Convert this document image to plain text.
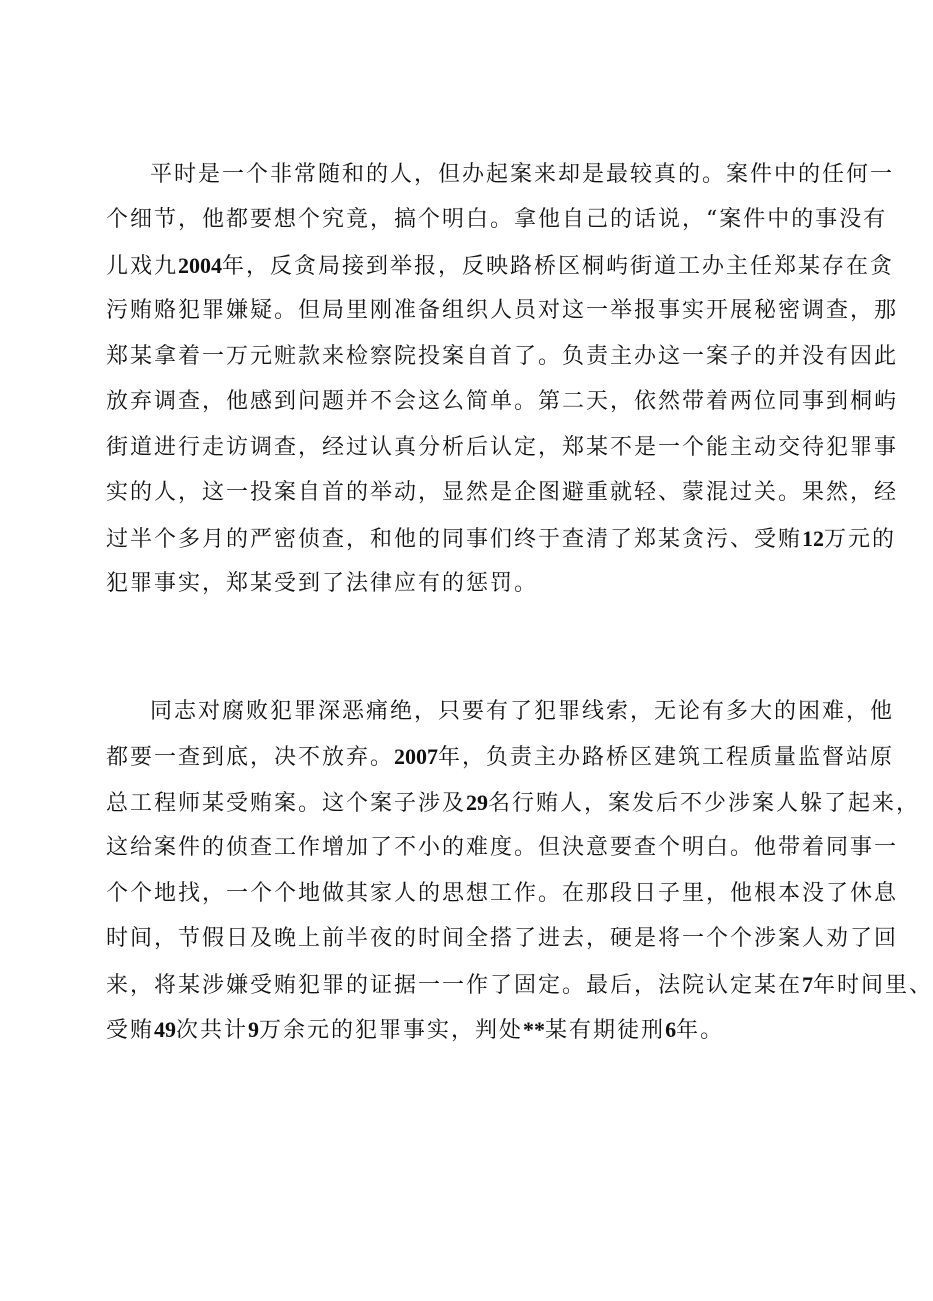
平时是一个非常随和的人，但办起案来却是最较真的。案件中的任何一
个细节，他都要想个究竟，搞个明白。拿他自己的话说，“案件中的事没有
儿戏九2004年，反贪局接到举报，反映路桥区桐屿街道工办主任郑某存在贪
污贿赂犯罪嫌疑。但局里刚准备组织人员对这一举报事实开展秘密调查，那
郑某拿着一万元赃款来检察院投案自首了。负责主办这一案子的并没有因此
放弃调查，他感到问题并不会这么简单。第二天，依然带着两位同事到桐屿
街道进行走访调查，经过认真分析后认定，郑某不是一个能主动交待犯罪事
实的人，这一投案自首的举动，显然是企图避重就轻、蒙混过关。果然，经
过半个多月的严密侦查，和他的同事们终于查清了郑某贪污、受贿12万元的
犯罪事实，郑某受到了法律应有的惩罚。
同志对腐败犯罪深恶痛绝，只要有了犯罪线索，无论有多大的困难，他
都要一查到底，决不放弃。2007年，负责主办路桥区建筑工程质量监督站原
总工程师某受贿案。这个案子涉及29名行贿人，案发后不少涉案人躲了起来，
这给案件的侦查工作增加了不小的难度。但決意要查个明白。他带着同事一
个个地找，一个个地做其家人的思想工作。在那段日子里，他根本没了休息
时间，节假日及晚上前半夜的时间全搭了进去，硬是将一个个涉案人劝了回
来，将某涉嫌受贿犯罪的证据一一作了固定。最后，法院认定某在7年时间里、
受贿49次共计9万余元的犯罪事实，判处**某有期徒刑6年。
